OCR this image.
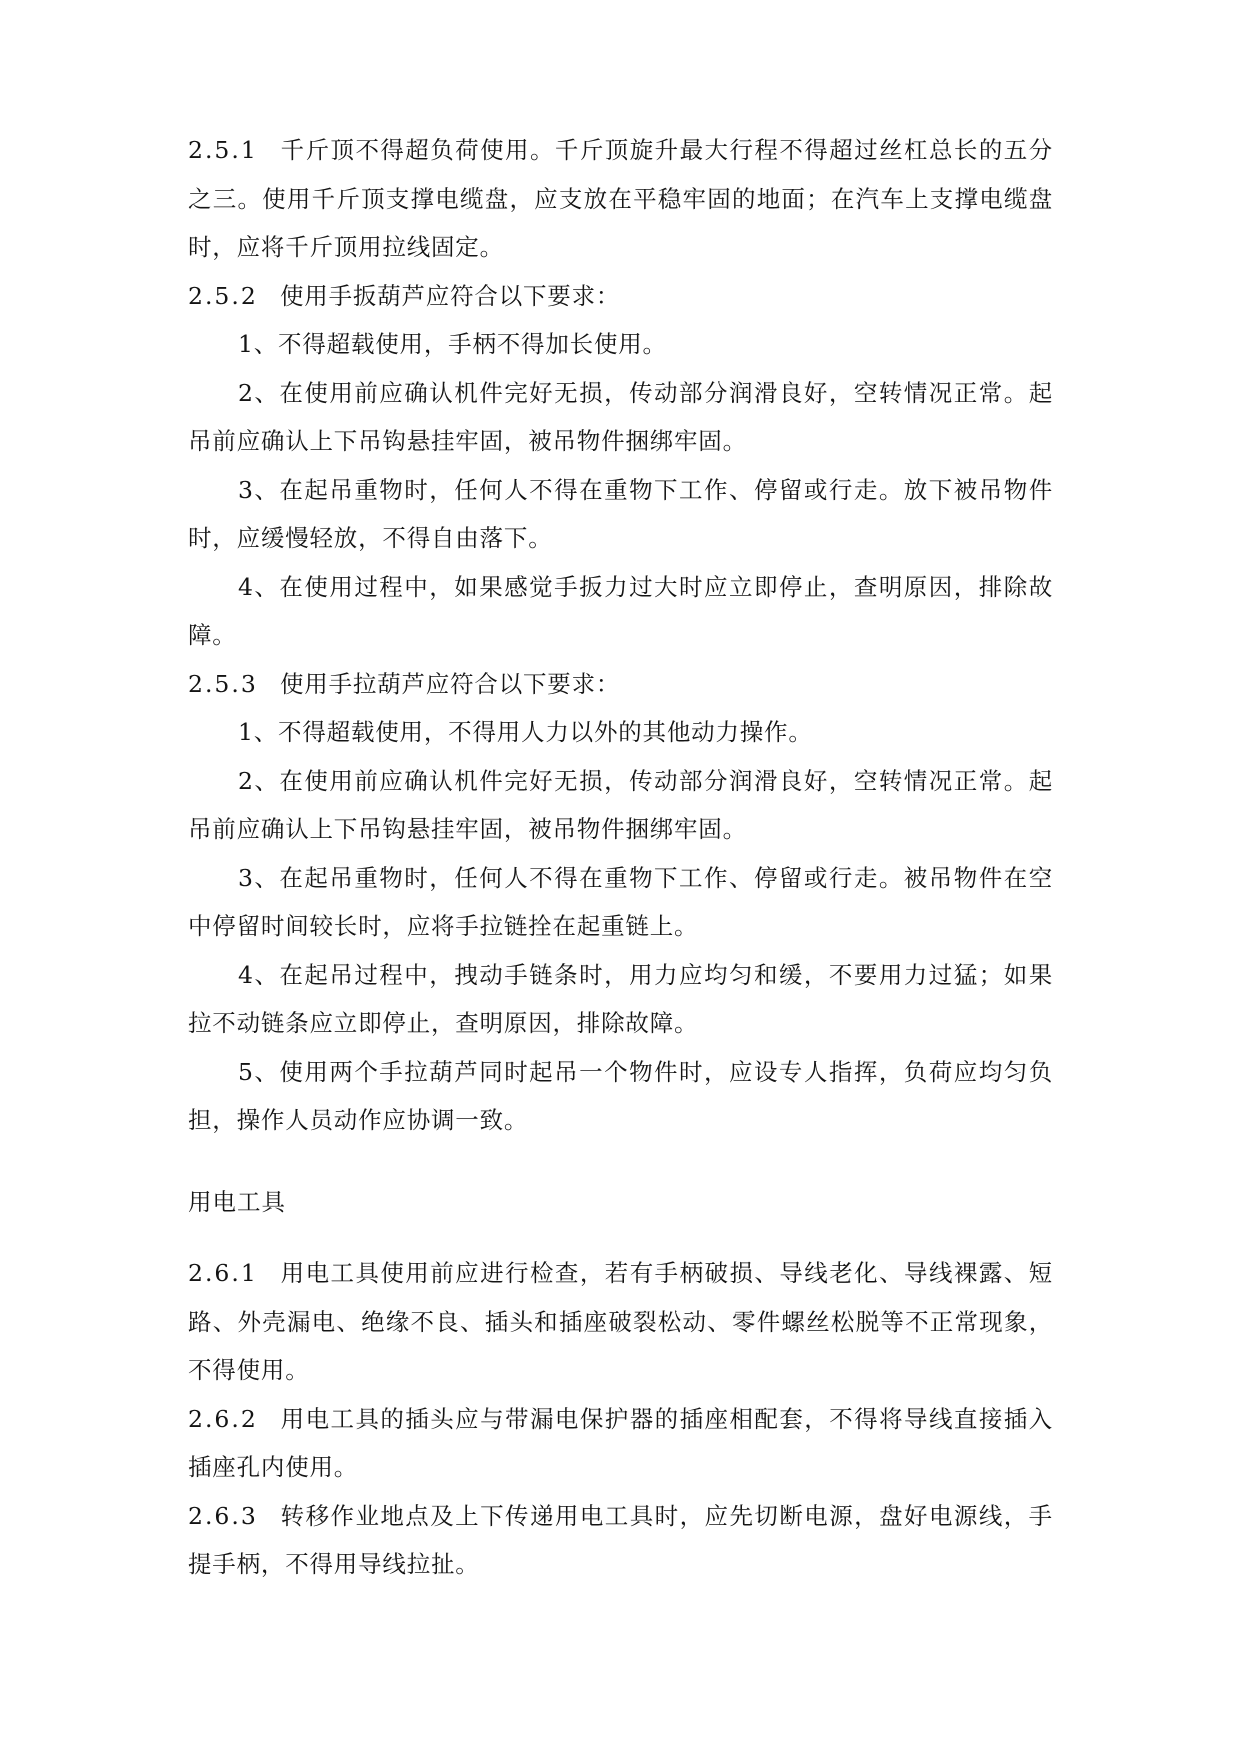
2.5.1 千斤顶不得超负荷使用。千斤顶旋升最大行程不得超过丝杠总长的五分之三。使用千斤顶支撑电缆盘，应支放在平稳牢固的地面；在汽车上支撑电缆盘时，应将千斤顶用拉线固定。

2.5.2 使用手扳葫芦应符合以下要求：

1、不得超载使用，手柄不得加长使用。

2、在使用前应确认机件完好无损，传动部分润滑良好，空转情况正常。起吊前应确认上下吊钩悬挂牢固，被吊物件捆绑牢固。

3、在起吊重物时，任何人不得在重物下工作、停留或行走。放下被吊物件时，应缓慢轻放，不得自由落下。

4、在使用过程中，如果感觉手扳力过大时应立即停止，查明原因，排除故障。

2.5.3 使用手拉葫芦应符合以下要求：

1、不得超载使用，不得用人力以外的其他动力操作。

2、在使用前应确认机件完好无损，传动部分润滑良好，空转情况正常。起吊前应确认上下吊钩悬挂牢固，被吊物件捆绑牢固。

3、在起吊重物时，任何人不得在重物下工作、停留或行走。被吊物件在空中停留时间较长时，应将手拉链拴在起重链上。

4、在起吊过程中，拽动手链条时，用力应均匀和缓，不要用力过猛；如果拉不动链条应立即停止，查明原因，排除故障。

5、使用两个手拉葫芦同时起吊一个物件时，应设专人指挥，负荷应均匀负担，操作人员动作应协调一致。

用电工具

2.6.1 用电工具使用前应进行检查，若有手柄破损、导线老化、导线裸露、短路、外壳漏电、绝缘不良、插头和插座破裂松动、零件螺丝松脱等不正常现象，不得使用。

2.6.2 用电工具的插头应与带漏电保护器的插座相配套，不得将导线直接插入插座孔内使用。

2.6.3 转移作业地点及上下传递用电工具时，应先切断电源，盘好电源线，手提手柄，不得用导线拉扯。
